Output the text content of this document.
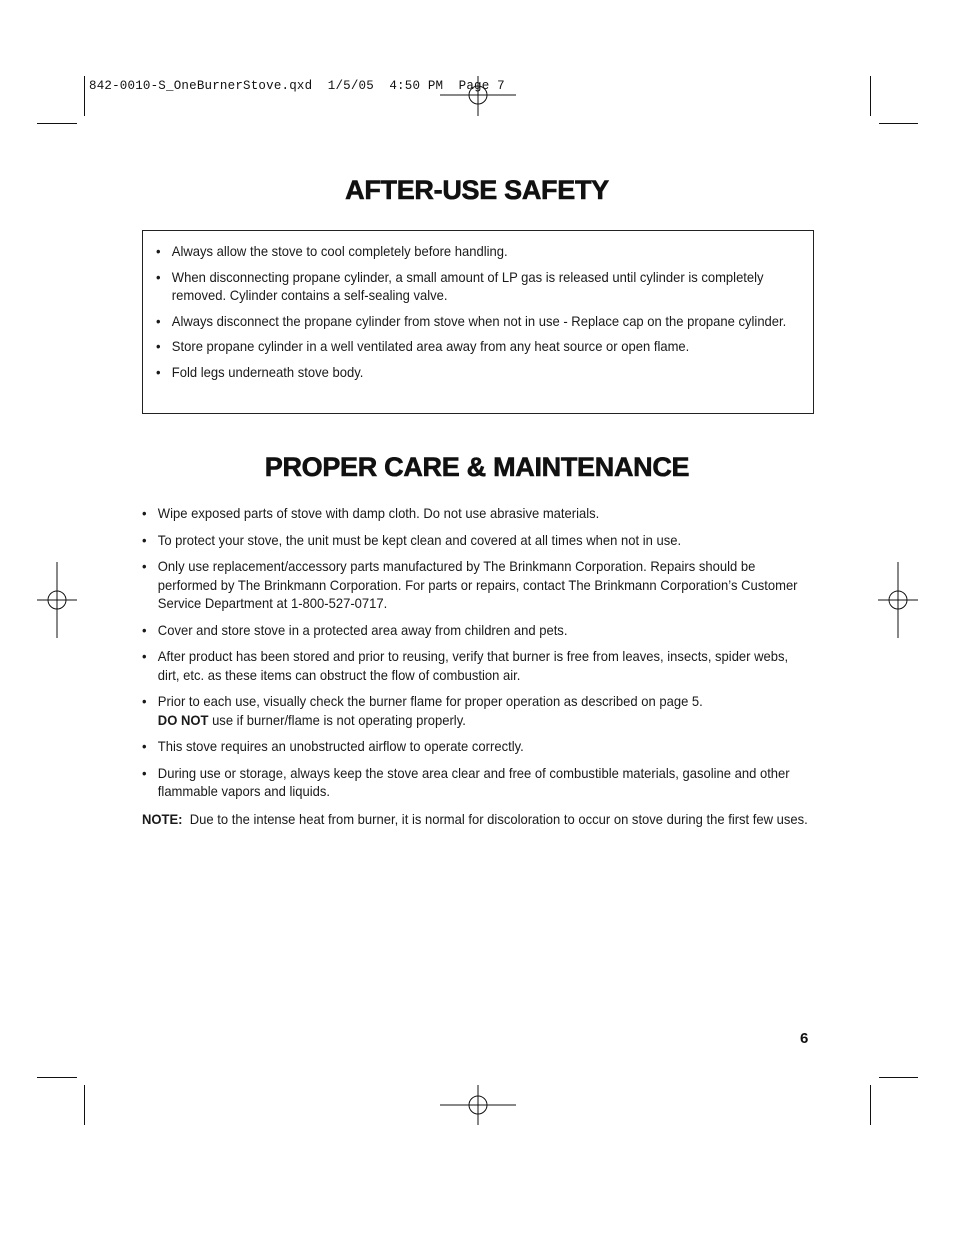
842-0010-S_OneBurnerStove.qxd  1/5/05  4:50 PM  Page 7
AFTER-USE SAFETY
• Always allow the stove to cool completely before handling.
• When disconnecting propane cylinder, a small amount of LP gas is released until cylinder is completely removed. Cylinder contains a self-sealing valve.
• Always disconnect the propane cylinder from stove when not in use - Replace cap on the propane cylinder.
• Store propane cylinder in a well ventilated area away from any heat source or open flame.
• Fold legs underneath stove body.
PROPER CARE & MAINTENANCE
• Wipe exposed parts of stove with damp cloth. Do not use abrasive materials.
• To protect your stove, the unit must be kept clean and covered at all times when not in use.
• Only use replacement/accessory parts manufactured by The Brinkmann Corporation. Repairs should be performed by The Brinkmann Corporation. For parts or repairs, contact The Brinkmann Corporation’s Customer Service Department at 1-800-527-0717.
• Cover and store stove in a protected area away from children and pets.
• After product has been stored and prior to reusing, verify that burner is free from leaves, insects, spider webs, dirt, etc. as these items can obstruct the flow of combustion air.
• Prior to each use, visually check the burner flame for proper operation as described on page 5.
DO NOT use if burner/flame is not operating properly.
• This stove requires an unobstructed airflow to operate correctly.
• During use or storage, always keep the stove area clear and free of combustible materials, gasoline and other flammable vapors and liquids.
NOTE:  Due to the intense heat from burner, it is normal for discoloration to occur on stove during the first few uses.
6
